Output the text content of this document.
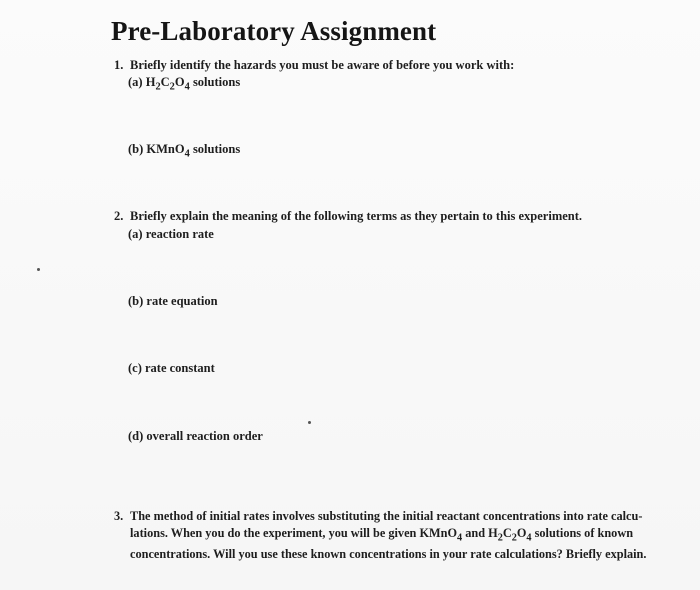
Pre-Laboratory Assignment
1. Briefly identify the hazards you must be aware of before you work with:
(a) $H_2C_2O_4$ solutions
(b) KMnO$_4$ solutions
2. Briefly explain the meaning of the following terms as they pertain to this experiment.
(a) reaction rate
(b) rate equation
(c) rate constant
(d) overall reaction order
3. The method of initial rates involves substituting the initial reactant concentrations into rate calcu-
lations. When you do the experiment, you will be given KMnO$_4$ and $H_2C_2O_4$ solutions of known
concentrations. Will you use these known concentrations in your rate calculations? Briefly explain.
